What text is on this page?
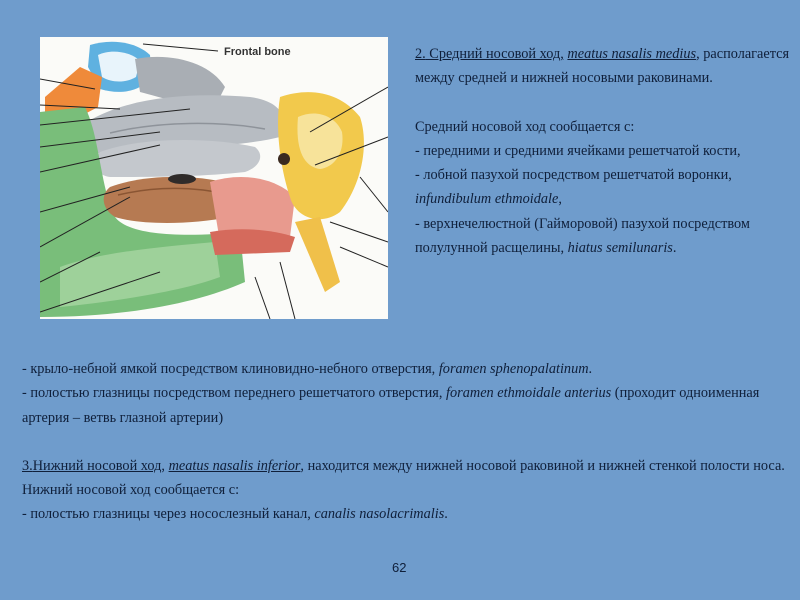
Frontal bone	2. Средний носовой ход, meatus nasalis medius, располагается между средней и нижней носовыми раковинами.
Средний носовой ход сообщается с:
- передними и средними ячейками решетчатой кости,
- лобной пазухой посредством решетчатой воронки, infundibulum ethmoidale,
- верхнечелюстной (Гайморовой) пазухой посредством полулунной расщелины, hiatus semilunaris.
- крыло-небной ямкой посредством клиновидно-небного отверстия, foramen sphenopalatinum.
- полостью глазницы посредством переднего решетчатого отверстия, foramen ethmoidale anterius (проходит одноименная артерия – ветвь глазной артерии)
3.Нижний носовой ход, meatus nasalis inferior, находится между нижней носовой раковиной и нижней стенкой полости носа.
Нижний носовой ход сообщается с:
- полостью глазницы через носослезный канал, canalis nasolacrimalis.
62
